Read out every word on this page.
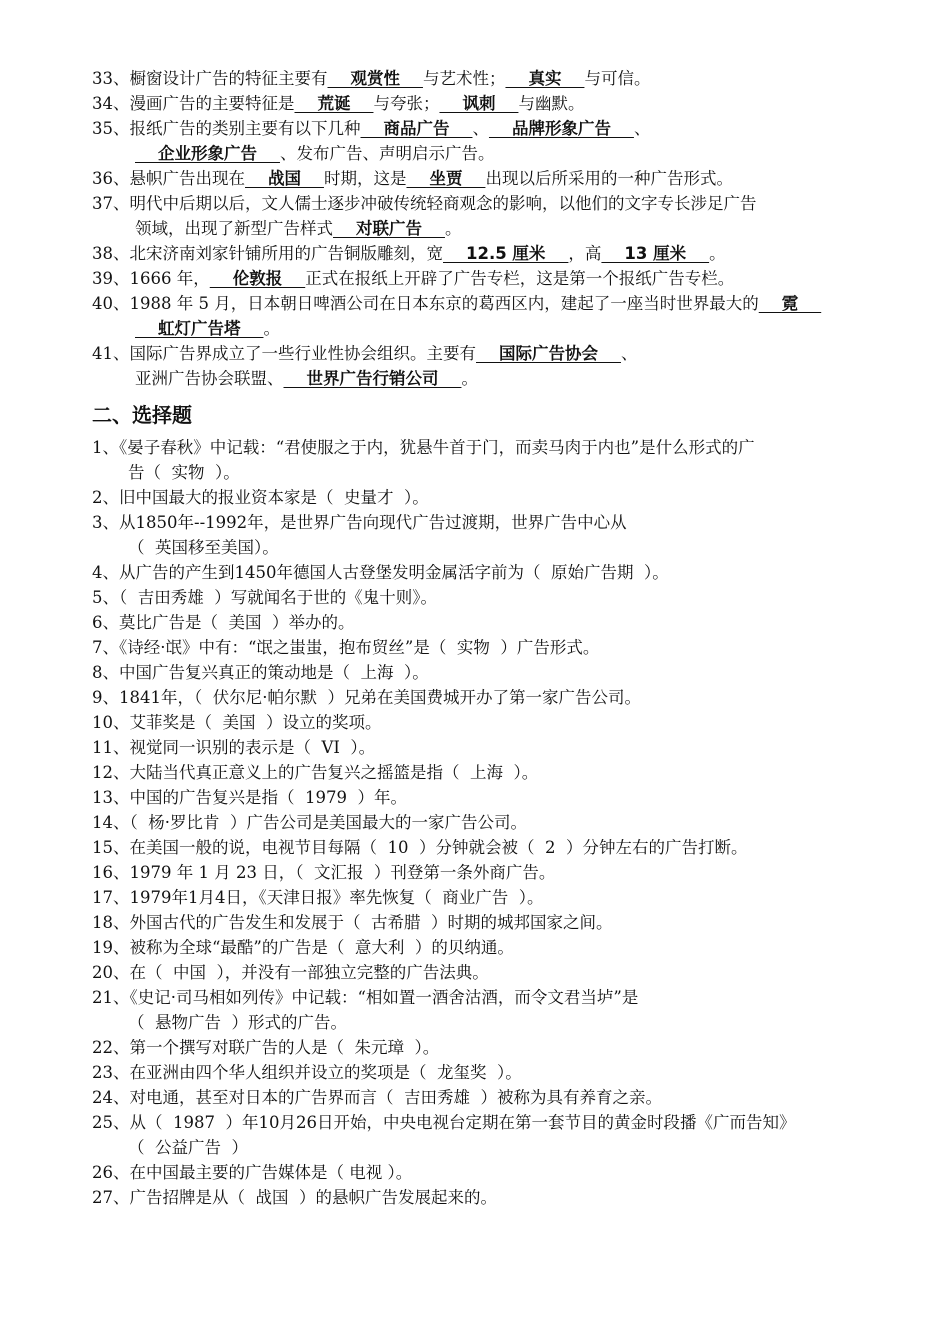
33、橱窗设计广告的特征主要有    观赏性    与艺术性；    真实    与可信。
34、漫画广告的主要特征是    荒诞    与夸张；    讽刺    与幽默。
35、报纸广告的类别主要有以下几种    商品广告    、    品牌形象广告    、
企业形象广告    、发布广告、声明启示广告。
36、悬帜广告出现在    战国    时期，这是    坐贾    出现以后所采用的一种广告形式。
37、明代中后期以后，文人儒士逐步冲破传统轻商观念的影响，以他们的文字专长涉足广告
领域，出现了新型广告样式    对联广告    。
38、北宋济南刘家针铺所用的广告铜版雕刻，宽    12.5 厘米    ，高    13 厘米    。
39、1666 年，    伦敦报    正式在报纸上开辟了广告专栏，这是第一个报纸广告专栏。
40、1988 年 5 月，日本朝日啤酒公司在日本东京的葛西区内，建起了一座当时世界最大的    霓
虹灯广告塔    。
41、国际广告界成立了一些行业性协会组织。主要有    国际广告协会    、
亚洲广告协会联盟、    世界广告行销公司    。
二、选择题
1、《晏子春秋》中记载：“君使服之于内，犹悬牛首于门，而卖马肉于内也”是什么形式的广
告（  实物  ）。
2、旧中国最大的报业资本家是（  史量才  ）。
3、从1850年--1992年，是世界广告向现代广告过渡期，世界广告中心从
（  英国移至美国）。
4、从广告的产生到1450年德国人古登堡发明金属活字前为（  原始广告期  ）。
5、（  吉田秀雄  ）写就闻名于世的《鬼十则》。
6、莫比广告是（  美国  ）举办的。
7、《诗经·氓》中有：“氓之蚩蚩，抱布贸丝”是（  实物  ）广告形式。
8、中国广告复兴真正的策动地是（  上海  ）。
9、1841年，（  伏尔尼·帕尔默  ）兄弟在美国费城开办了第一家广告公司。
10、艾菲奖是（  美国  ）设立的奖项。
11、视觉同一识别的表示是（  VI  ）。
12、大陆当代真正意义上的广告复兴之摇篮是指（  上海  ）。
13、中国的广告复兴是指（  1979  ）年。
14、（  杨·罗比肯  ）广告公司是美国最大的一家广告公司。
15、在美国一般的说，电视节目每隔（  10  ）分钟就会被（  2  ）分钟左右的广告打断。
16、1979 年 1 月 23 日，（  文汇报  ）刊登第一条外商广告。
17、1979年1月4日，《天津日报》率先恢复（  商业广告  ）。
18、外国古代的广告发生和发展于（  古希腊  ）时期的城邦国家之间。
19、被称为全球“最酷”的广告是（  意大利  ）的贝纳通。
20、在（  中国  ），并没有一部独立完整的广告法典。
21、《史记·司马相如列传》中记载：“相如置一酒舍沽酒，而令文君当垆”是
（  悬物广告  ）形式的广告。
22、第一个撰写对联广告的人是（  朱元璋  ）。
23、在亚洲由四个华人组织并设立的奖项是（  龙玺奖  ）。
24、对电通，甚至对日本的广告界而言（  吉田秀雄  ）被称为具有养育之亲。
25、从（  1987  ）年10月26日开始，中央电视台定期在第一套节目的黄金时段播《广而告知》
（  公益广告  ）
26、在中国最主要的广告媒体是（ 电视 ）。
27、广告招牌是从（  战国  ）的悬帜广告发展起来的。
